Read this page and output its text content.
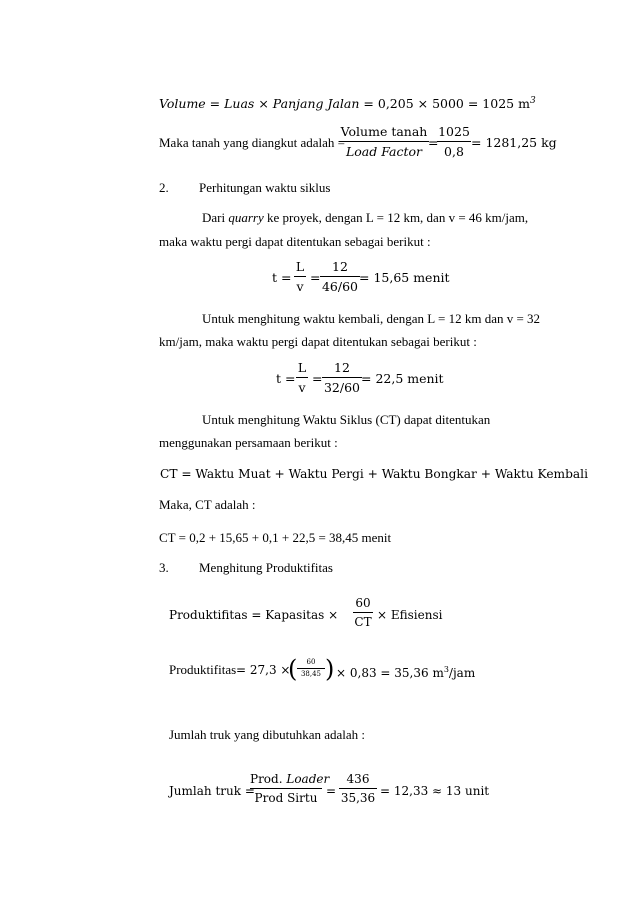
Volume = Luas × Panjang Jalan = 0,205 × 5000 = 1025 $m^3$
Maka tanah yang diangkut adalah =
Volume tanah
Load Factor
=
1025
0,8
= 1281,25 kg
2. Perhitungan waktu siklus
Dari quarry ke proyek, dengan L = 12 km, dan v = 46 km/jam,
maka waktu pergi dapat ditentukan sebagai berikut :
t =
L
v
=
12
46/60
= 15,65 menit
Untuk menghitung waktu kembali, dengan L = 12 km dan v = 32
km/jam, maka waktu pergi dapat ditentukan sebagai berikut :
t =
L
v
=
12
32/60
= 22,5 menit
Untuk menghitung Waktu Siklus (CT) dapat ditentukan
menggunakan persamaan berikut :
CT = Waktu Muat + Waktu Pergi + Waktu Bongkar + Waktu Kembali
Maka, CT adalah :
CT = 0,2 + 15,65 + 0,1 + 22,5 = 38,45 menit
3. Menghitung Produktifitas
Produktifitas = Kapasitas ×
60
CT × Efisiensi
Produktifitas = 27,3 ×
(	60
38,45 ) × 0,83 = 35,36 $m^3$/jam
Jumlah truk yang dibutuhkan adalah :
Jumlah truk =
Prod. Loader
Prod Sirtu =
436
35,36 = 12,33 ≈ 13 unit
